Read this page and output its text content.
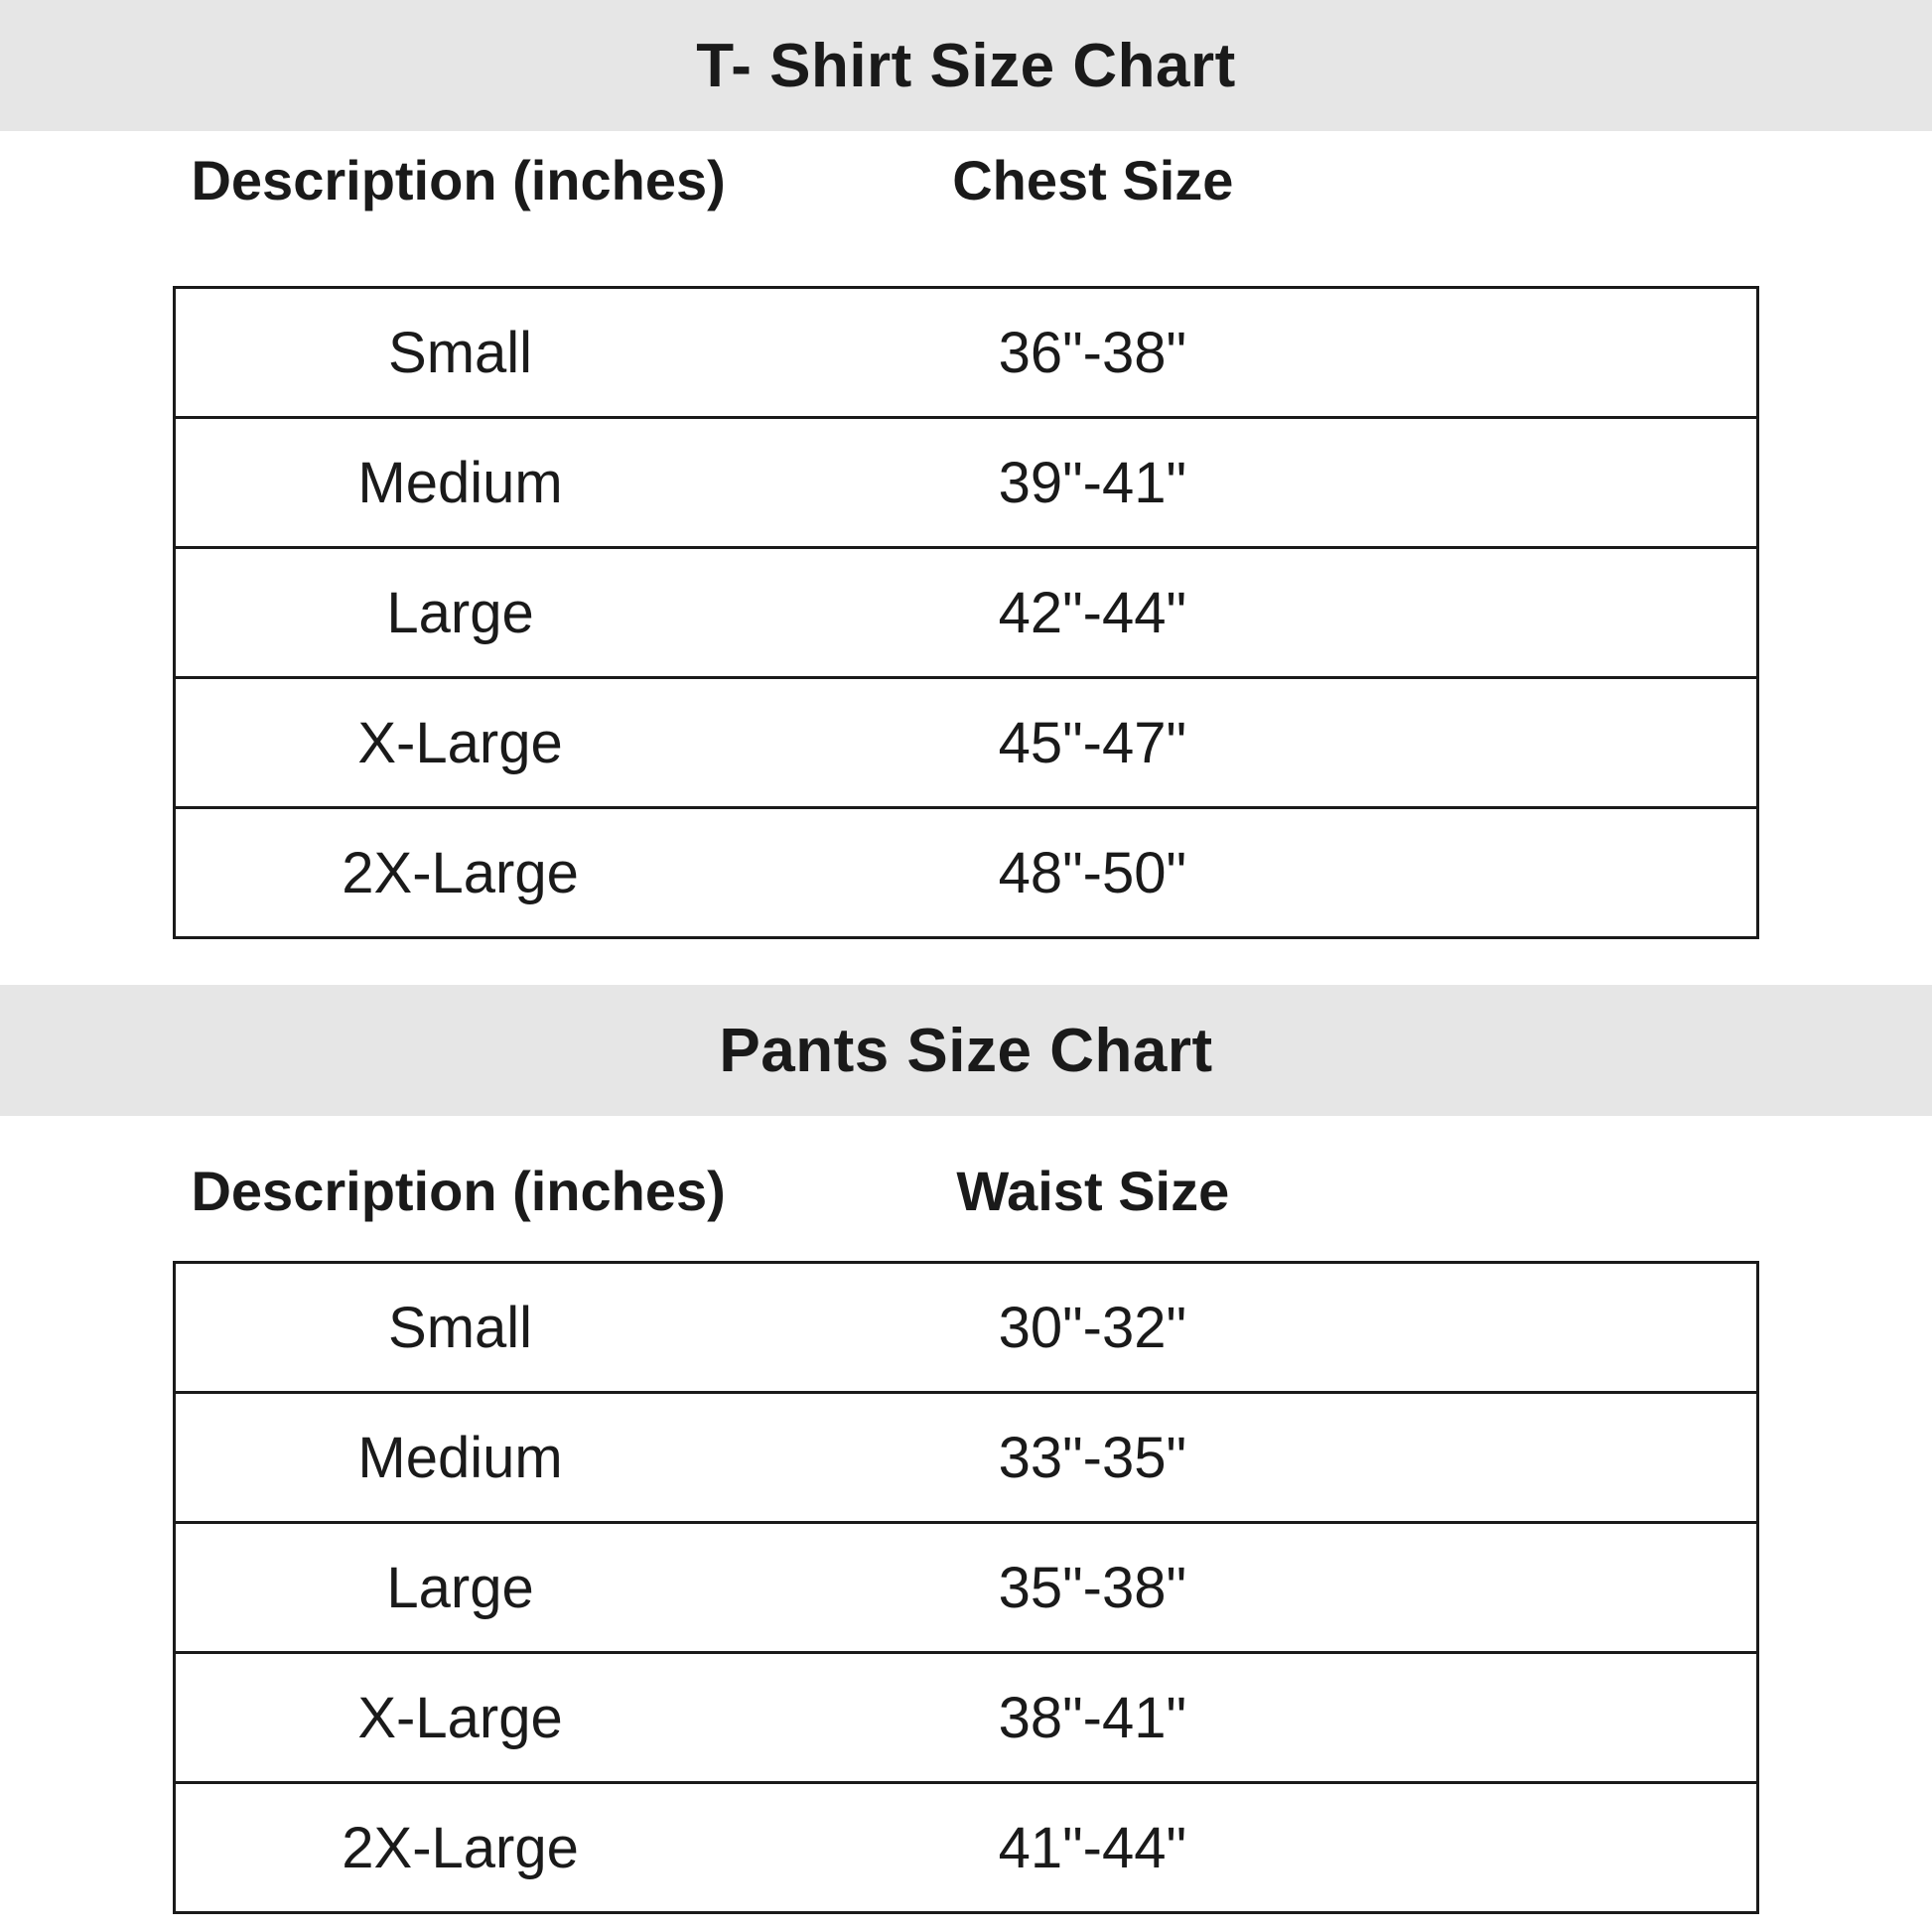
T- Shirt Size Chart
Description (inches)	Chest Size
Small	36"-38"
Medium	39"-41"
Large	42"-44"
X-Large	45"-47"
2X-Large	48"-50"
Pants Size Chart
Description (inches)	Waist Size
Small	30"-32"
Medium	33"-35"
Large	35"-38"
X-Large	38"-41"
2X-Large	41"-44"
